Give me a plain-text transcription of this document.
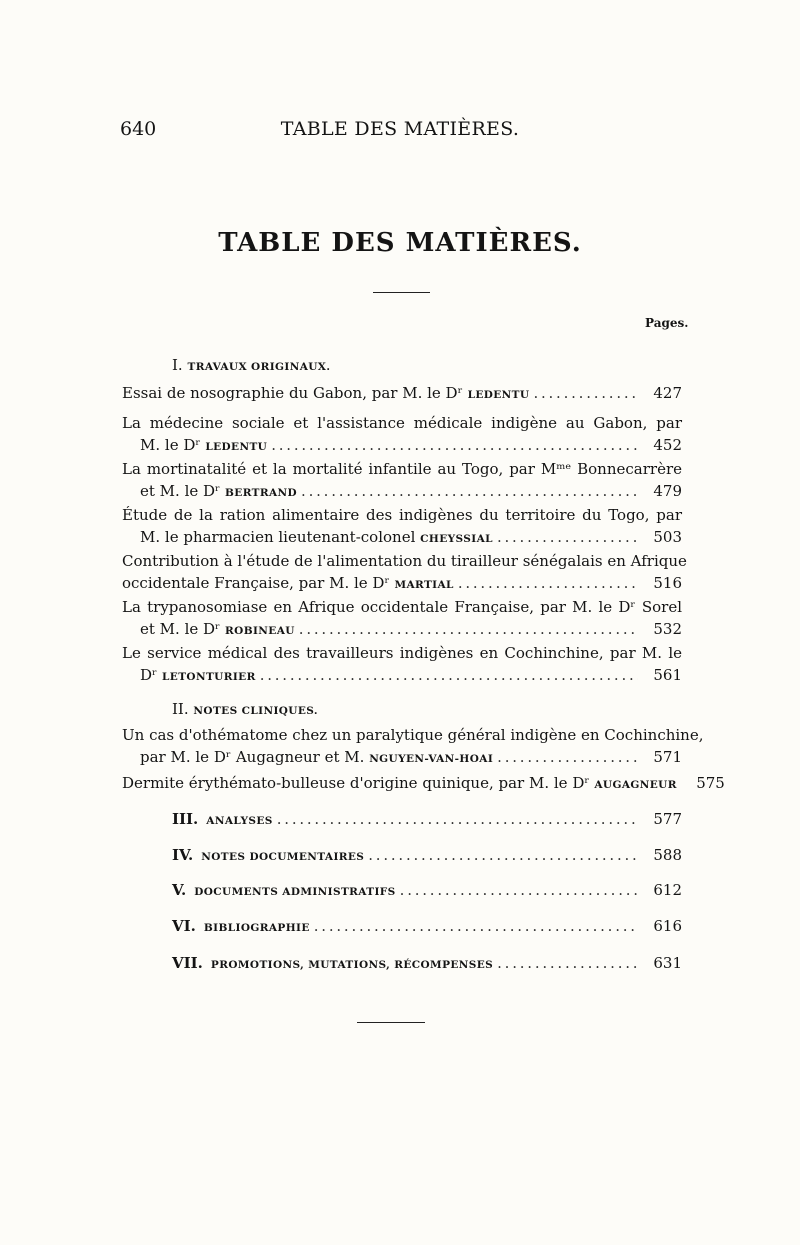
640	TABLE DES MATIÈRES.
TABLE DES MATIÈRES.
Pages.
I. TRAVAUX ORIGINAUX.
Essai de nosographie du Gabon, par M. le Dʳ
LEDENTU . . .	427
La médecine sociale et l'assistance médicale indigène au Gabon, par
M. le Dʳ
LEDENTU . . .	452
La mortinatalité et la mortalité infantile au Togo, par Mᵐᵉ Bonnecarrère
et M. le Dʳ
BERTRAND . . .	479
Étude de la ration alimentaire des indigènes du territoire du Togo, par
M. le pharmacien lieutenant-colonel
CHEYSSIAL . . .	503
Contribution à l'étude de l'alimentation du tirailleur sénégalais en Afrique
occidentale Française, par M. le Dʳ
MARTIAL . . .	516
La trypanosomiase en Afrique occidentale Française, par M. le Dʳ Sorel
et M. le Dʳ
ROBINEAU . . .	532
Le service médical des travailleurs indigènes en Cochinchine, par M. le
Dʳ
LETONTURIER . . .	561
II. NOTES CLINIQUES.
Un cas d'othématome chez un paralytique général indigène en Cochinchine,
par M. le Dʳ Augagneur et M.
NGUYEN-VAN-HOAI . . .	571
Dermite érythémato-bulleuse d'origine quinique, par M. le Dʳ
AUGAGNEUR	575
III. ANALYSES . . .	577
IV. NOTES DOCUMENTAIRES . . .	588
V. DOCUMENTS ADMINISTRATIFS . . .	612
VI. BIBLIOGRAPHIE . . .	616
VII. PROMOTIONS, MUTATIONS, RÉCOMPENSES . . .	631
